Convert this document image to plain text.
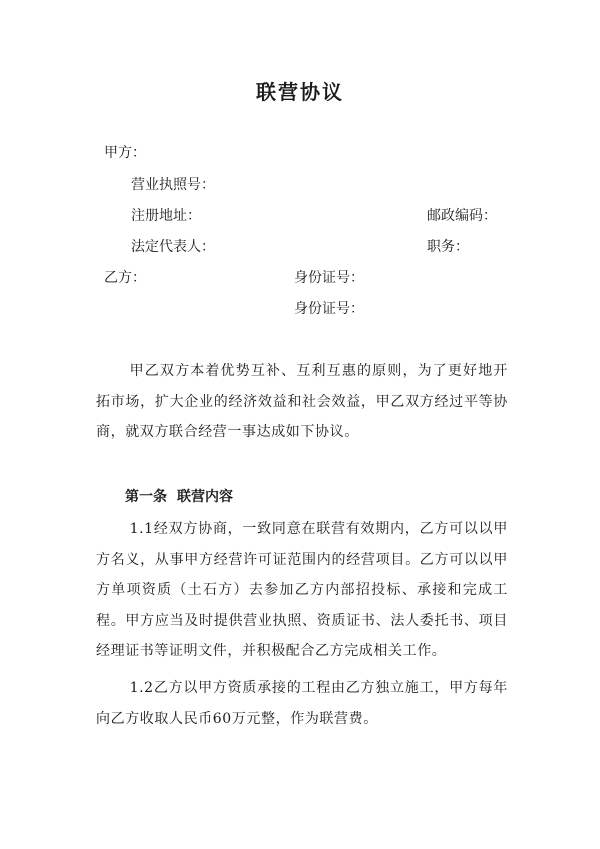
联营协议
甲方：
营业执照号：
注册地址：	邮政编码：
法定代表人：	职务：
乙方：	身份证号：
身份证号：
甲乙双方本着优势互补、互利互惠的原则，为了更好地开拓市场，扩大企业的经济效益和社会效益，甲乙双方经过平等协商，就双方联合经营一事达成如下协议。
第一条 联营内容
1.1经双方协商，一致同意在联营有效期内，乙方可以以甲方名义，从事甲方经营许可证范围内的经营项目。乙方可以以甲方单项资质（土石方）去参加乙方内部招投标、承接和完成工程。甲方应当及时提供营业执照、资质证书、法人委托书、项目经理证书等证明文件，并积极配合乙方完成相关工作。
1.2乙方以甲方资质承接的工程由乙方独立施工，甲方每年向乙方收取人民币60万元整，作为联营费。
